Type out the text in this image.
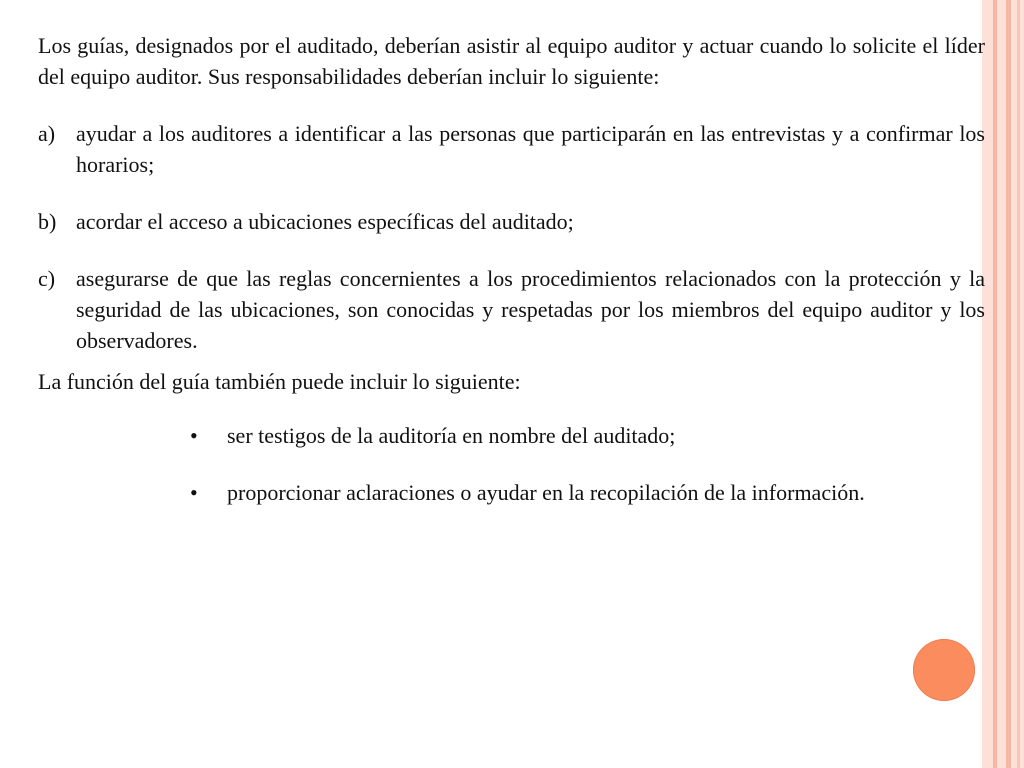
Los guías, designados por el auditado, deberían asistir al equipo auditor y actuar cuando lo solicite el líder del equipo auditor. Sus responsabilidades deberían incluir lo siguiente:

a) ayudar a los auditores a identificar a las personas que participarán en las entrevistas y a confirmar los horarios;

b) acordar el acceso a ubicaciones específicas del auditado;

c) asegurarse de que las reglas concernientes a los procedimientos relacionados con la protección y la seguridad de las ubicaciones, son conocidas y respetadas por los miembros del equipo auditor y los observadores.

La función del guía también puede incluir lo siguiente:

•	ser testigos de la auditoría en nombre del auditado;

•	proporcionar aclaraciones o ayudar en la recopilación de la información.
